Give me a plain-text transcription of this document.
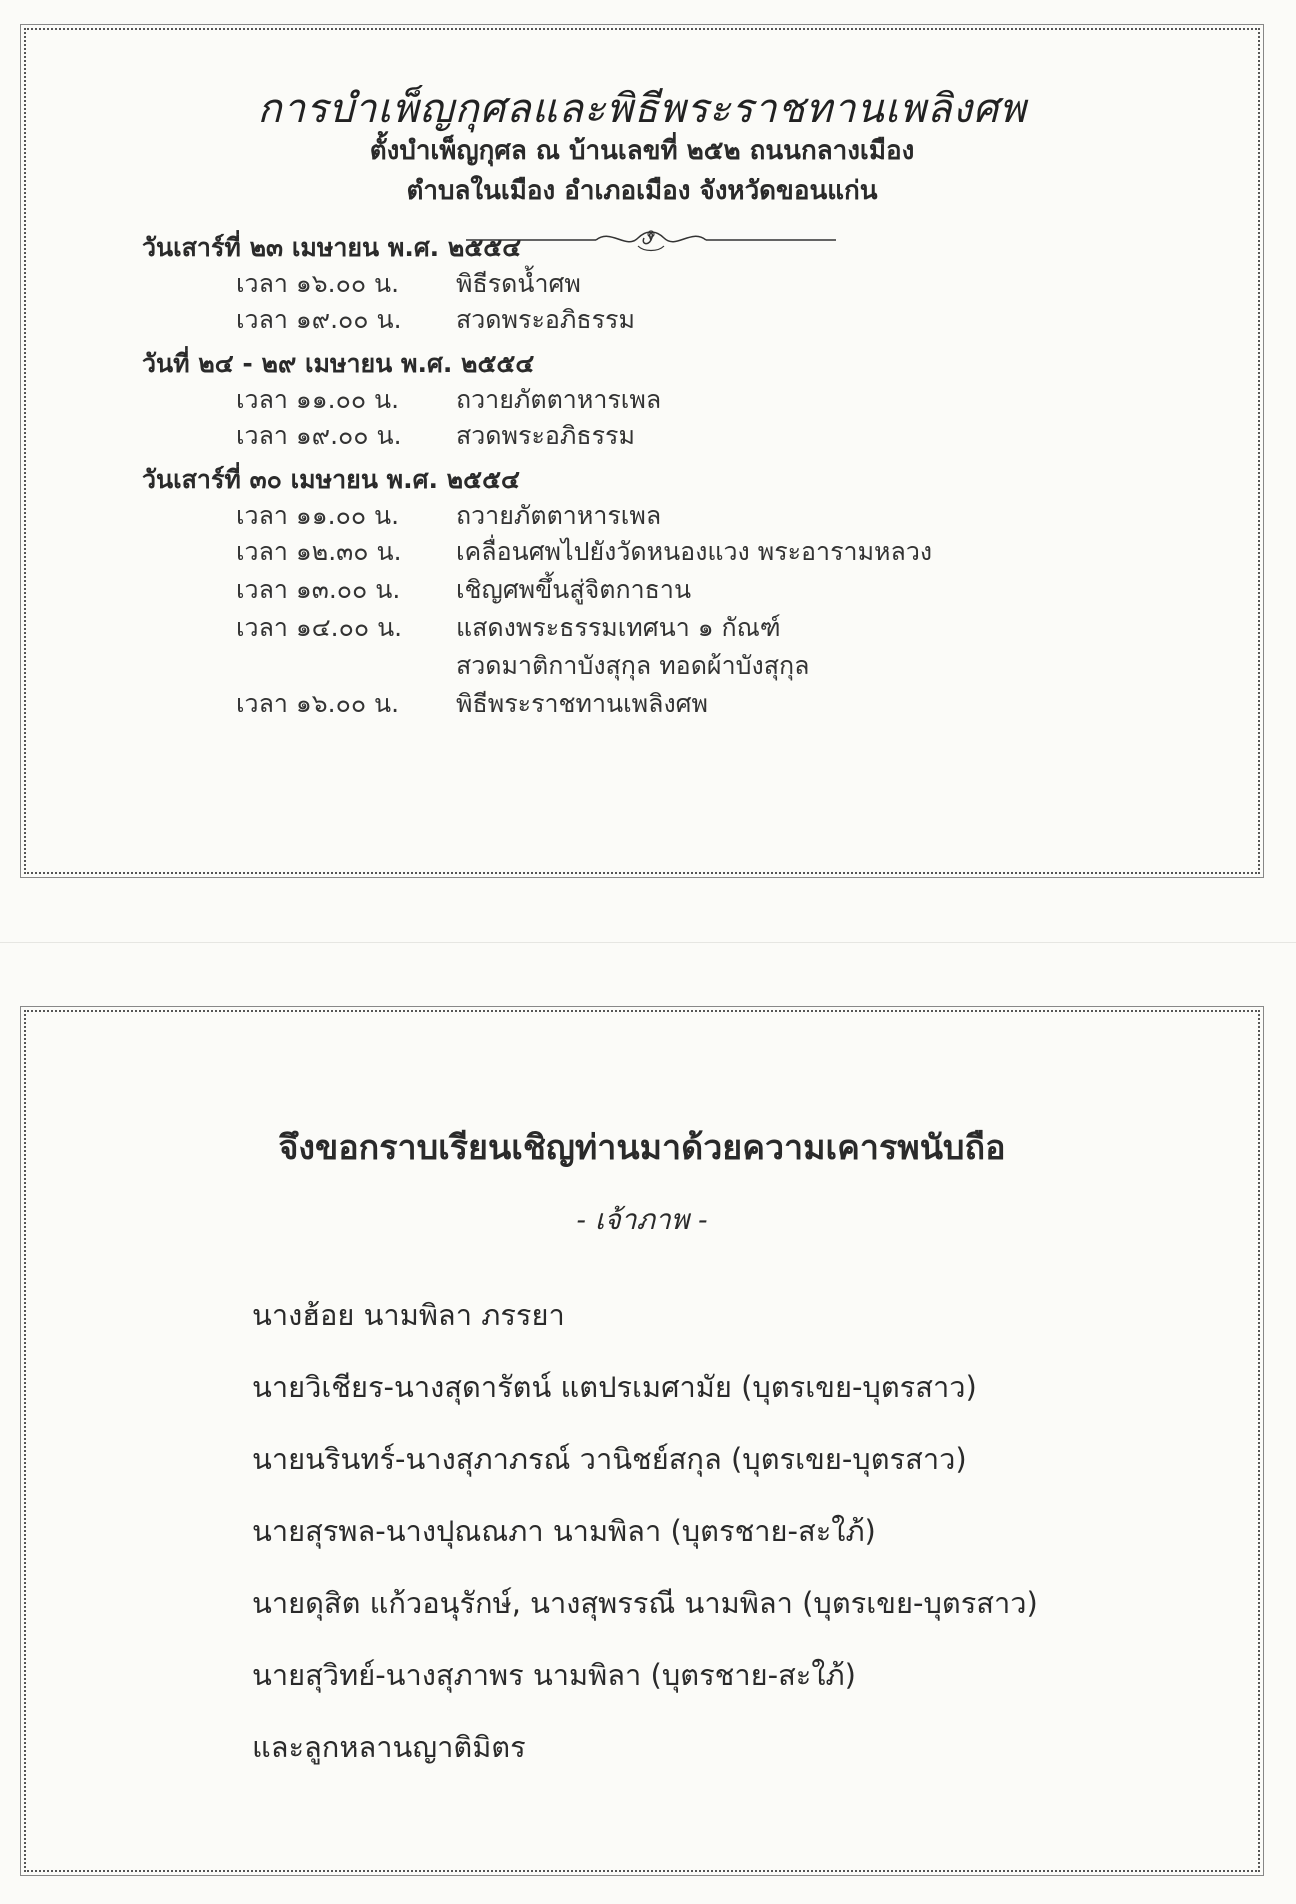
การบำเพ็ญกุศลและพิธีพระราชทานเพลิงศพ
ตั้งบำเพ็ญกุศล ณ บ้านเลขที่ ๒๕๒ ถนนกลางเมือง
ตำบลในเมือง อำเภอเมือง จังหวัดขอนแก่น
วันเสาร์ที่ ๒๓ เมษายน พ.ศ. ๒๕๕๔
เวลา ๑๖.๐๐ น. พิธีรดน้ำศพ
เวลา ๑๙.๐๐ น. สวดพระอภิธรรม
วันที่ ๒๔ - ๒๙ เมษายน พ.ศ. ๒๕๕๔
เวลา ๑๑.๐๐ น. ถวายภัตตาหารเพล
เวลา ๑๙.๐๐ น. สวดพระอภิธรรม
วันเสาร์ที่ ๓๐ เมษายน พ.ศ. ๒๕๕๔
เวลา ๑๑.๐๐ น. ถวายภัตตาหารเพล
เวลา ๑๒.๓๐ น. เคลื่อนศพไปยังวัดหนองแวง พระอารามหลวง
เวลา ๑๓.๐๐ น. เชิญศพขึ้นสู่จิตกาธาน
เวลา ๑๔.๐๐ น. แสดงพระธรรมเทศนา ๑ กัณฑ์
สวดมาติกาบังสุกุล ทอดผ้าบังสุกุล
เวลา ๑๖.๐๐ น. พิธีพระราชทานเพลิงศพ
จึงขอกราบเรียนเชิญท่านมาด้วยความเคารพนับถือ
- เจ้าภาพ -
นางฮ้อย นามพิลา ภรรยา
นายวิเชียร-นางสุดารัตน์ แตปรเมศามัย (บุตรเขย-บุตรสาว)
นายนรินทร์-นางสุภาภรณ์ วานิชย์สกุล (บุตรเขย-บุตรสาว)
นายสุรพล-นางปุณณภา นามพิลา (บุตรชาย-สะใภ้)
นายดุสิต แก้วอนุรักษ์, นางสุพรรณี นามพิลา (บุตรเขย-บุตรสาว)
นายสุวิทย์-นางสุภาพร นามพิลา (บุตรชาย-สะใภ้)
และลูกหลานญาติมิตร
